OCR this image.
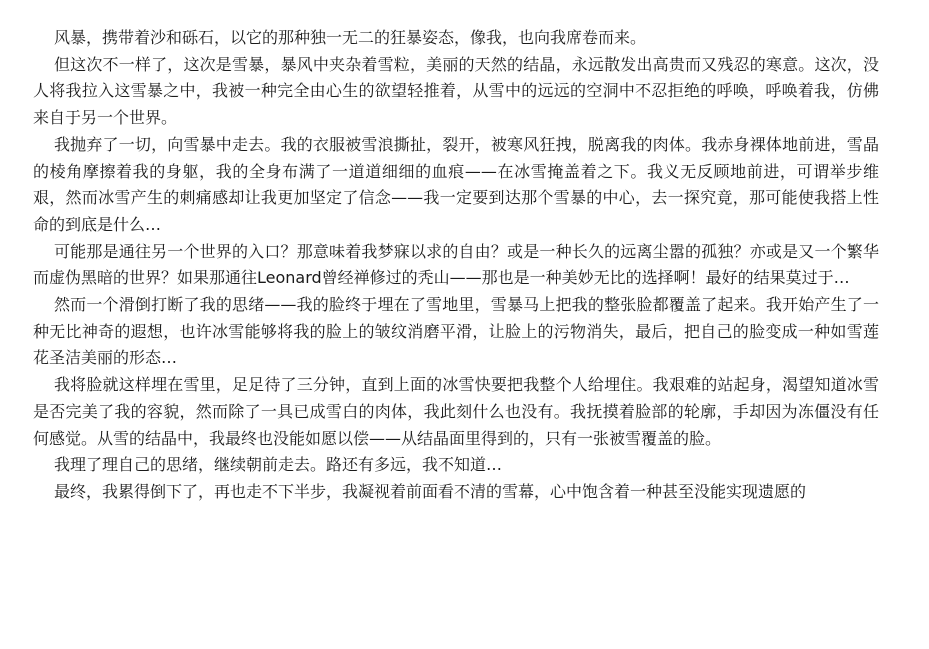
风暴，携带着沙和砾石，以它的那种独一无二的狂暴姿态，像我，也向我席卷而来。

但这次不一样了，这次是雪暴，暴风中夹杂着雪粒，美丽的天然的结晶，永远散发出高贵而又残忍的寒意。这次，没人将我拉入这雪暴之中，我被一种完全由心生的欲望轻推着，从雪中的远远的空洞中不忍拒绝的呼唤，呼唤着我，仿佛来自于另一个世界。

我抛弃了一切，向雪暴中走去。我的衣服被雪浪撕扯，裂开，被寒风狂拽，脱离我的肉体。我赤身裸体地前进，雪晶的棱角摩擦着我的身躯，我的全身布满了一道道细细的血痕——在冰雪掩盖着之下。我义无反顾地前进，可谓举步维艰，然而冰雪产生的刺痛感却让我更加坚定了信念——我一定要到达那个雪暴的中心，去一探究竟，那可能使我搭上性命的到底是什么…

可能那是通往另一个世界的入口？那意味着我梦寐以求的自由？或是一种长久的远离尘嚣的孤独？亦或是又一个繁华而虚伪黑暗的世界？如果那通往Leonard曾经禅修过的秃山——那也是一种美妙无比的选择啊！最好的结果莫过于…

然而一个滑倒打断了我的思绪——我的脸终于埋在了雪地里，雪暴马上把我的整张脸都覆盖了起来。我开始产生了一种无比神奇的遐想，也许冰雪能够将我的脸上的皱纹消磨平滑，让脸上的污物消失，最后，把自己的脸变成一种如雪莲花圣洁美丽的形态…

我将脸就这样埋在雪里，足足待了三分钟，直到上面的冰雪快要把我整个人给埋住。我艰难的站起身，渴望知道冰雪是否完美了我的容貌，然而除了一具已成雪白的肉体，我此刻什么也没有。我抚摸着脸部的轮廓，手却因为冻僵没有任何感觉。从雪的结晶中，我最终也没能如愿以偿——从结晶面里得到的，只有一张被雪覆盖的脸。

我理了理自己的思绪，继续朝前走去。路还有多远，我不知道…

最终，我累得倒下了，再也走不下半步，我凝视着前面看不清的雪幕，心中饱含着一种甚至没能实现遗愿的
